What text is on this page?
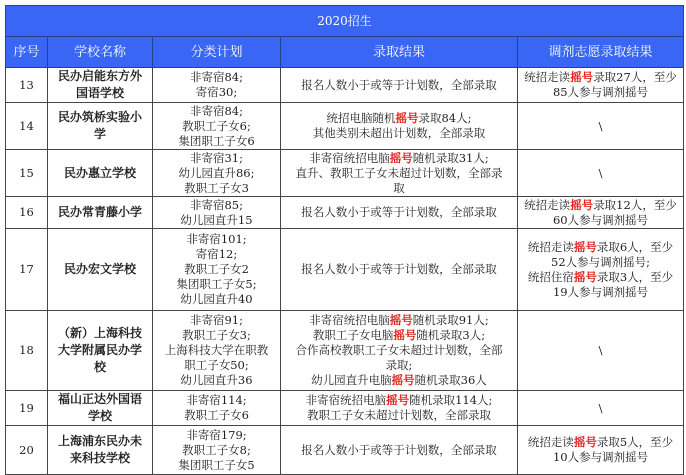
2020招生				
序号	学校名称	分类计划	录取结果	调剂志愿录取结果
13	民办启能东方外
国语学校	非寄宿84;
寄宿30;	报名人数小于或等于计划数，全部录取	统招走读摇号录取27人，至少
85人参与调剂摇号

14	民办筑桥实验小
学	非寄宿84;
教职工子女6;
集团职工子女6	统招电脑随机摇号录取84人;
其他类别未超出计划数，全部录取	\

15	民办惠立学校	非寄宿31;
幼儿园直升86;
教职工子女3	非寄宿统招电脑摇号随机录取31人;
直升、教职工子女未超过计划数，全部录
取	\

16	民办常青藤小学	非寄宿85;
幼儿园直升15	报名人数小于或等于计划数，全部录取	统招走读摇号录取12人，至少
60人参与调剂摇号

17	民办宏文学校	非寄宿101;
寄宿12;
教职工子女2
集团职工子女5;
幼儿园直升40	报名人数小于或等于计划数，全部录取	统招走读摇号录取6人，至少
52人参与调剂摇号;
统招住宿摇号录取3人，至少
19人参与调剂摇号

18	（新）上海科技
大学附属民办学
校	非寄宿91;
教职工子女3;
上海科技大学在职教
职工子女50;
幼儿园直升36	非寄宿统招电脑摇号随机录取91人;
教职工子女电脑摇号随机录取3人;
合作高校教职工子女未超过计划数，全部
录取;
幼儿园直升电脑摇号随机录取36人	\

19	福山正达外国语
学校	非寄宿114;
教职工子女6	非寄宿统招电脑摇号随机录取114人;
教职工子女未超过计划数，全部录取	\

20	上海浦东民办未
来科技学校	非寄宿179;
教职工子女8;
集团职工子女5	报名人数小于或等于计划数，全部录取	统招走读摇号录取5人，至少
10人参与调剂摇号
